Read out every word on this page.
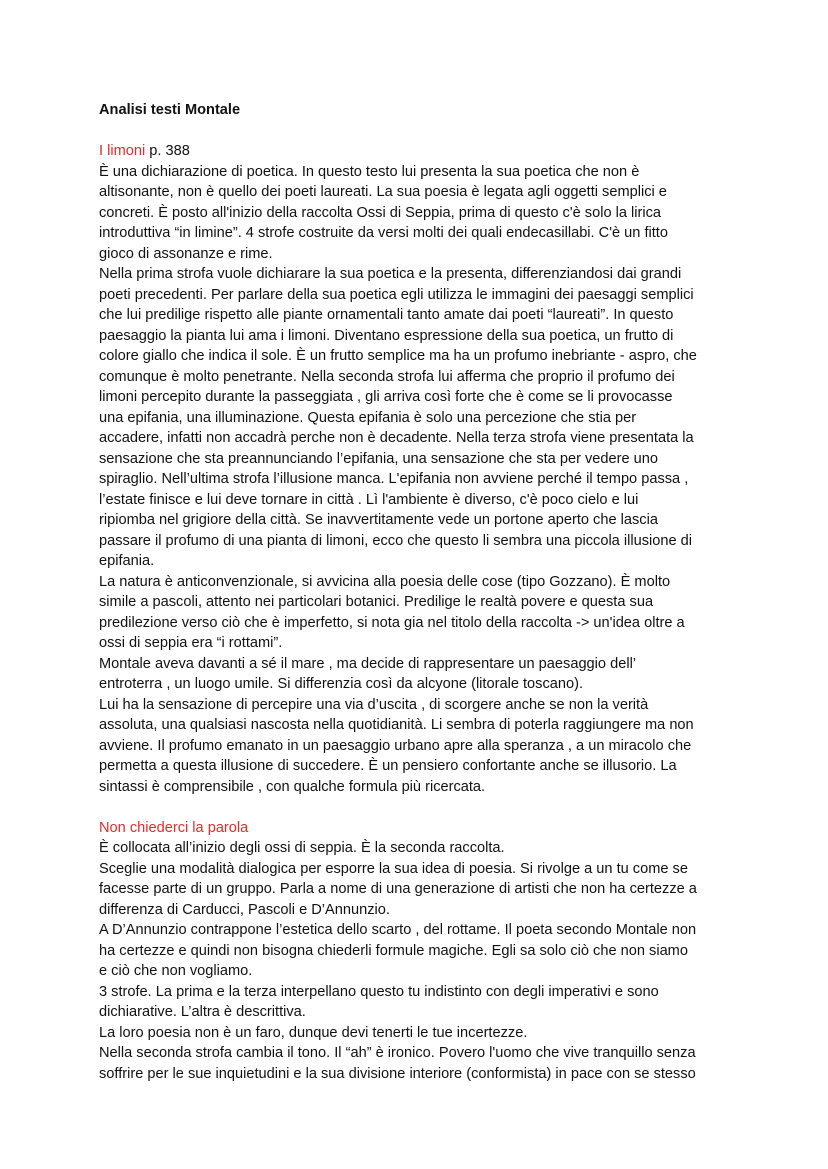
Analisi testi Montale
I limoni p. 388

È una dichiarazione di poetica. In questo testo lui presenta la sua poetica che non è
altisonante, non è quello dei poeti laureati. La sua poesia è legata agli oggetti semplici e
concreti. È posto all'inizio della raccolta Ossi di Seppia, prima di questo c'è solo la lirica
introduttiva “in limine”. 4 strofe costruite da versi molti dei quali endecasillabi. C'è un fitto
gioco di assonanze e rime.

Nella prima strofa vuole dichiarare la sua poetica e la presenta, differenziandosi dai grandi
poeti precedenti. Per parlare della sua poetica egli utilizza le immagini dei paesaggi semplici
che lui predilige rispetto alle piante ornamentali tanto amate dai poeti “laureati”. In questo
paesaggio la pianta lui ama i limoni. Diventano espressione della sua poetica, un frutto di
colore giallo che indica il sole. È un frutto semplice ma ha un profumo inebriante - aspro, che
comunque è molto penetrante. Nella seconda strofa lui afferma che proprio il profumo dei
limoni percepito durante la passeggiata , gli arriva così forte che è come se li provocasse
una epifania, una illuminazione. Questa epifania è solo una percezione che stia per
accadere, infatti non accadrà perche non è decadente. Nella terza strofa viene presentata la
sensazione che sta preannunciando l’epifania, una sensazione che sta per vedere uno
spiraglio. Nell’ultima strofa l’illusione manca. L'epifania non avviene perché il tempo passa ,
l’estate finisce e lui deve tornare in città . Lì l'ambiente è diverso, c'è poco cielo e lui
ripiomba nel grigiore della città. Se inavvertitamente vede un portone aperto che lascia
passare il profumo di una pianta di limoni, ecco che questo li sembra una piccola illusione di
epifania.

La natura è anticonvenzionale, si avvicina alla poesia delle cose (tipo Gozzano). È molto
simile a pascoli, attento nei particolari botanici. Predilige le realtà povere e questa sua
predilezione verso ciò che è imperfetto, si nota gia nel titolo della raccolta -> un'idea oltre a
ossi di seppia era “i rottami”.

Montale aveva davanti a sé il mare , ma decide di rappresentare un paesaggio dell’
entroterra , un luogo umile. Si differenzia così da alcyone (litorale toscano).

Lui ha la sensazione di percepire una via d’uscita , di scorgere anche se non la verità
assoluta, una qualsiasi nascosta nella quotidianità. Li sembra di poterla raggiungere ma non
avviene. Il profumo emanato in un paesaggio urbano apre alla speranza , a un miracolo che
permetta a questa illusione di succedere. È un pensiero confortante anche se illusorio. La
sintassi è comprensibile , con qualche formula più ricercata.

Non chiederci la parola

È collocata all’inizio degli ossi di seppia. È la seconda raccolta.

Sceglie una modalità dialogica per esporre la sua idea di poesia. Si rivolge a un tu come se
facesse parte di un gruppo. Parla a nome di una generazione di artisti che non ha certezze a
differenza di Carducci, Pascoli e D’Annunzio.

A D’Annunzio contrappone l’estetica dello scarto , del rottame. Il poeta secondo Montale non
ha certezze e quindi non bisogna chiederli formule magiche. Egli sa solo ciò che non siamo
e ciò che non vogliamo.

3 strofe. La prima e la terza interpellano questo tu indistinto con degli imperativi e sono
dichiarative. L’altra è descrittiva.

La loro poesia non è un faro, dunque devi tenerti le tue incertezze.

Nella seconda strofa cambia il tono. Il “ah” è ironico. Povero l'uomo che vive tranquillo senza
soffrire per le sue inquietudini e la sua divisione interiore (conformista) in pace con se stesso
